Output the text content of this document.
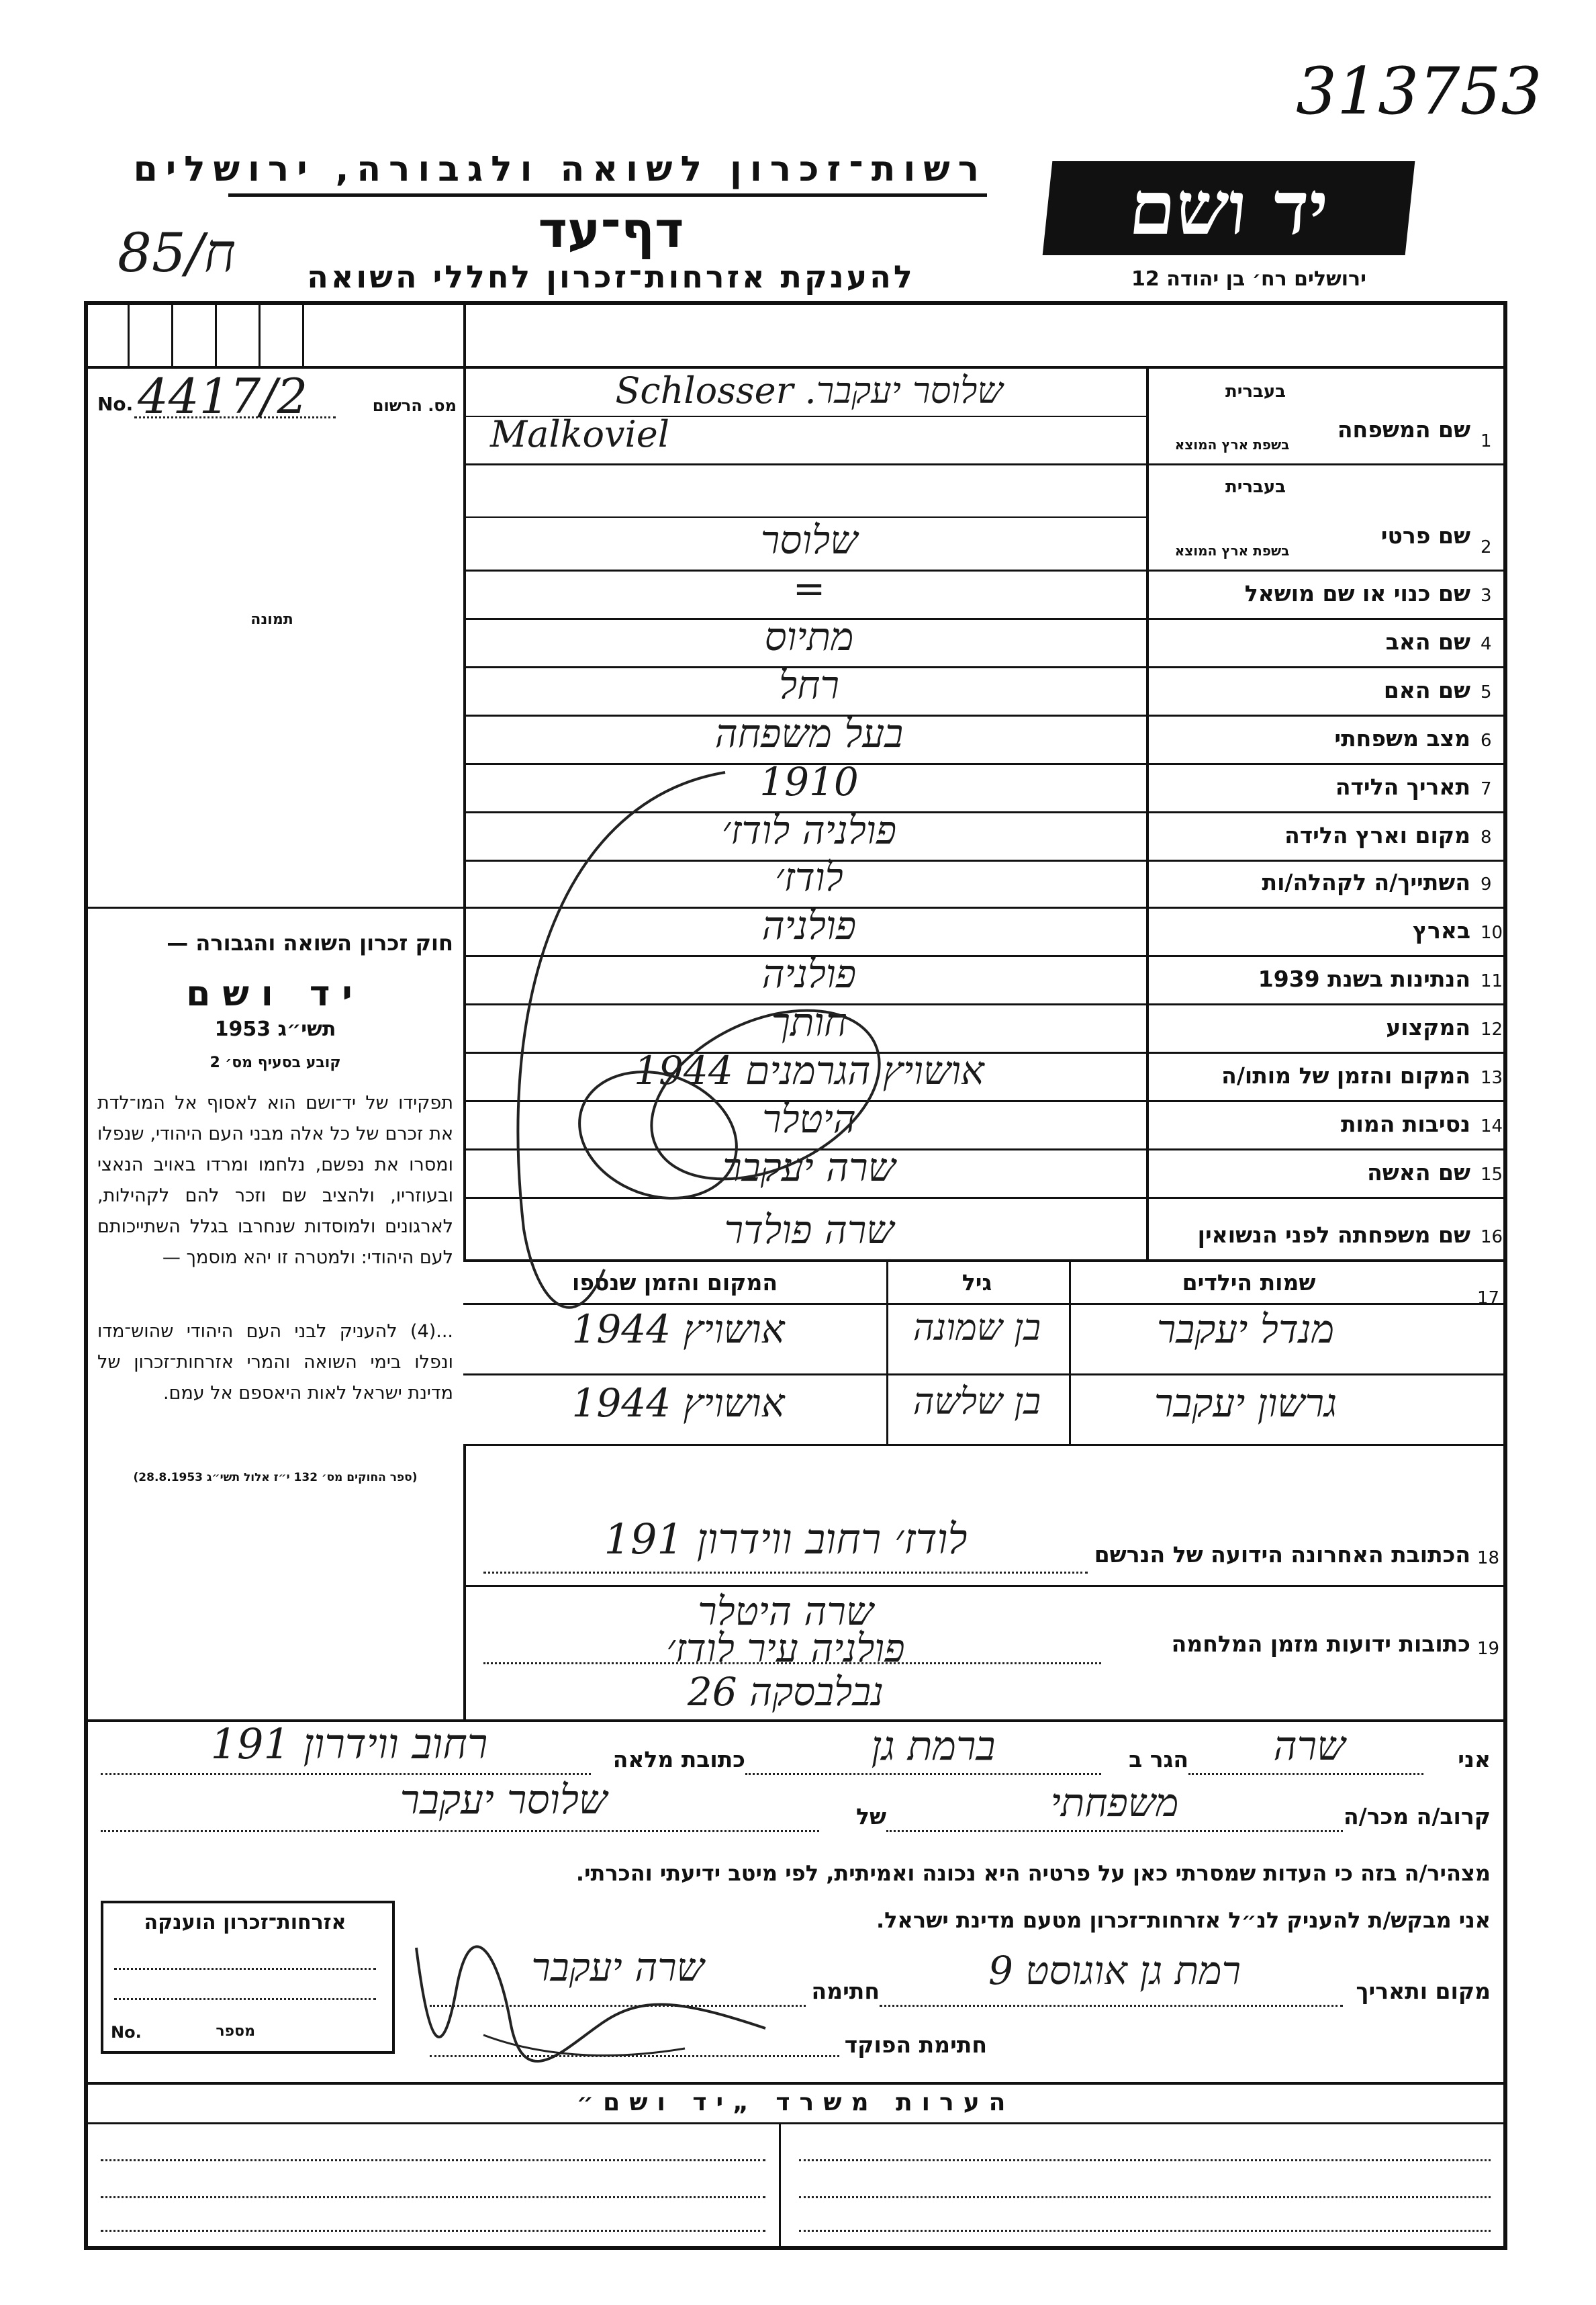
313753
רשות־זכרון לשואה ולגבורה, ירושלים
דף־עד
להענקת אזרחות־זכרון לחללי השואה
יד ושם
ירושלים רח׳ בן יהודה 12
85/ח
No. 4417/2	מס. הרשום
תמונה
חוק זכרון השואה והגבורה —
יד ושם
תשי״ג 1953
קובע בסעיף מס׳ 2
תפקידו של יד־ושם הוא לאסוף אל המו־לדת את זכרם של כל אלה מבני העם היהודי, שנפלו ומסרו את נפשם, נלחמו ומרדו באויב הנאצי ובעוזריו, ולהציב שם וזכר להם לקהילות, לארגונים ולמוסדות שנחרבו בגלל השתייכותם לעם היהודי: ולמטרה זו יהא מוסמך —
...(4) להעניק לבני העם היהודי שהוש־מדו ונפלו בימי השואה והמרי אזרחות־זכרון של מדינת ישראל לאות היאספם אל עמם.
(ספר החוקים מס׳ 132 י״ז אלול תשי״ג 28.8.1953)
1
שם המשפחה
בעברית
בשפת ארץ המוצא
שלוסר יעקבר. Schlosser
Malkoviel
2
שם פרטי
בעברית
בשפת ארץ המוצא
שלוסר
3
שם כנוי או שם מושאל
=
4
שם האב
מתיוס
5
שם האם
רחל
6
מצב משפחתי
בעל משפחה
7
תאריך הלידה
1910
8
מקום וארץ הלידה
פולניה לודז׳
9
השתייך/ה לקהלה/ות
לודז׳
10
בארץ
פולניה
11
הנתינות בשנת 1939
פולניה
12
המקצוע
חותך
13
המקום והזמן של מותו/ה
אושויץ הגרמנים 1944
14
נסיבות המות
היטלר
15
שם האשה
שרה יעקבר
16
שם משפחתה לפני הנשואין
שרה פולדר
17
שמות הילדים
גיל
המקום והזמן שנספו
מנדל יעקבר
בן שמונה
אושויץ 1944
גרשון יעקבר
בן שלשה
אושויץ 1944
18
הכתובת האחרונה הידועה של הנרשם
לודז׳ רחוב ווידרון 191
19
כתובות ידועות מזמן המלחמה
שרה היטלר
פולניה עיר לודז׳
נבלבסקה 26
אני
שרה
הגר ב
ברמת גן
כתובת מלאה
רחוב ווידרון 191
קרוב/ה מכר/ה
משפחתי
של
שלוסר יעקבר
מצהיר/ה בזה כי העדות שמסרתי כאן על פרטיה היא נכונה ואמיתית, לפי מיטב ידיעתי והכרתי.
אני מבקש/ת להעניק לנ״ל אזרחות־זכרון מטעם מדינת ישראל.
מקום ותאריך
רמת גן אוגוסט 9
חתימה
שרה יעקבר
חתימת הפוקד
אזרחות־זכרון הוענקה
No.	מספר
הערות משרד „יד ושם״
